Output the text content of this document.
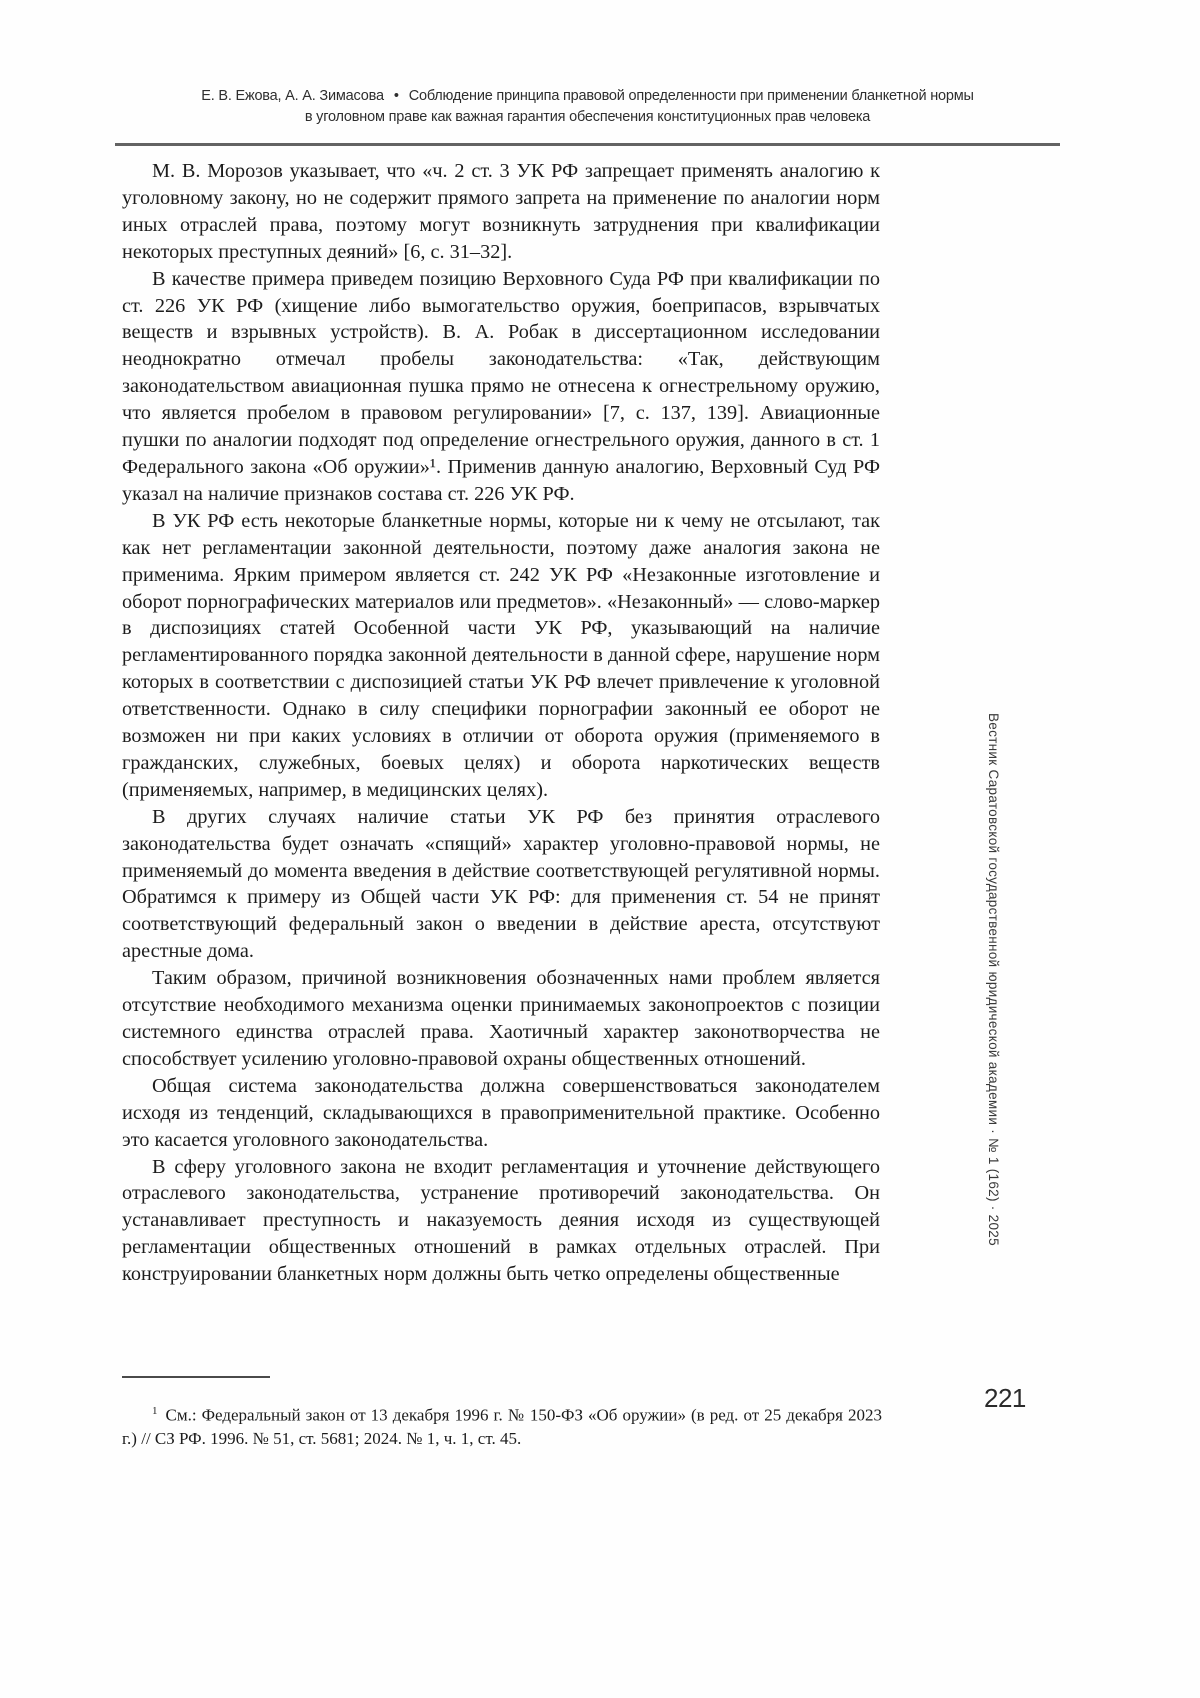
Е. В. Ежова, А. А. Зимасова • Соблюдение принципа правовой определенности при применении бланкетной нормы
в уголовном праве как важная гарантия обеспечения конституционных прав человека

М. В. Морозов указывает, что «ч. 2 ст. 3 УК РФ запрещает применять аналогию к уголовному закону, но не содержит прямого запрета на применение по аналогии норм иных отраслей права, поэтому могут возникнуть затруднения при квалификации некоторых преступных деяний» [6, с. 31–32].

В качестве примера приведем позицию Верховного Суда РФ при квалификации по ст. 226 УК РФ (хищение либо вымогательство оружия, боеприпасов, взрывчатых веществ и взрывных устройств). В. А. Робак в диссертационном исследовании неоднократно отмечал пробелы законодательства: «Так, действующим законодательством авиационная пушка прямо не отнесена к огнестрельному оружию, что является пробелом в правовом регулировании» [7, с. 137, 139]. Авиационные пушки по аналогии подходят под определение огнестрельного оружия, данного в ст. 1 Федерального закона «Об оружии»¹. Применив данную аналогию, Верховный Суд РФ указал на наличие признаков состава ст. 226 УК РФ.

В УК РФ есть некоторые бланкетные нормы, которые ни к чему не отсылают, так как нет регламентации законной деятельности, поэтому даже аналогия закона не применима. Ярким примером является ст. 242 УК РФ «Незаконные изготовление и оборот порнографических материалов или предметов». «Незаконный» — слово-маркер в диспозициях статей Особенной части УК РФ, указывающий на наличие регламентированного порядка законной деятельности в данной сфере, нарушение норм которых в соответствии с диспозицией статьи УК РФ влечет привлечение к уголовной ответственности. Однако в силу специфики порнографии законный ее оборот не возможен ни при каких условиях в отличии от оборота оружия (применяемого в гражданских, служебных, боевых целях) и оборота наркотических веществ (применяемых, например, в медицинских целях).

В других случаях наличие статьи УК РФ без принятия отраслевого законодательства будет означать «спящий» характер уголовно-правовой нормы, не применяемый до момента введения в действие соответствующей регулятивной нормы. Обратимся к примеру из Общей части УК РФ: для применения ст. 54 не принят соответствующий федеральный закон о введении в действие ареста, отсутствуют арестные дома.

Таким образом, причиной возникновения обозначенных нами проблем является отсутствие необходимого механизма оценки принимаемых законопроектов с позиции системного единства отраслей права. Хаотичный характер законотворчества не способствует усилению уголовно-правовой охраны общественных отношений.

Общая система законодательства должна совершенствоваться законодателем исходя из тенденций, складывающихся в правоприменительной практике. Особенно это касается уголовного законодательства.

В сферу уголовного закона не входит регламентация и уточнение действующего отраслевого законодательства, устранение противоречий законодательства. Он устанавливает преступность и наказуемость деяния исходя из существующей регламентации общественных отношений в рамках отдельных отраслей. При конструировании бланкетных норм должны быть четко определены общественные

$^1$ См.: Федеральный закон от 13 декабря 1996 г. № 150-ФЗ «Об оружии» (в ред. от 25 декабря 2023 г.) // СЗ РФ. 1996. № 51, ст. 5681; 2024. № 1, ч. 1, ст. 45.

Вестник Саратовской государственной юридической академии · № 1 (162) · 2025
221
